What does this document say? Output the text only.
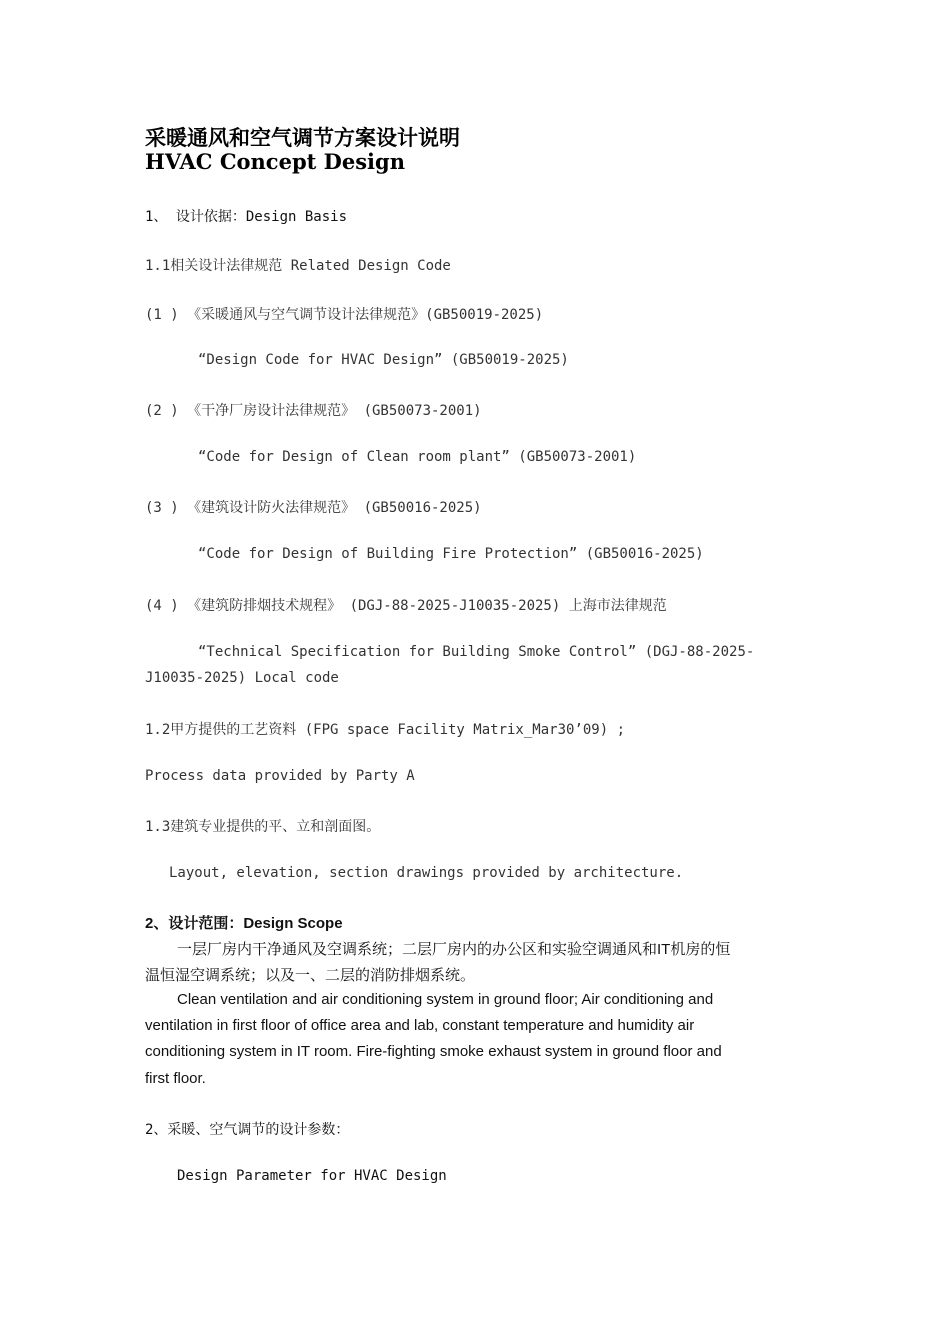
采暖通风和空气调节方案设计说明
HVAC Concept Design
1、 设计依据：Design Basis
1.1相关设计法律规范 Related Design Code
(1 ) 《采暖通风与空气调节设计法律规范》(GB50019-2025)
“Design Code for HVAC Design” (GB50019-2025)
(2 ) 《干净厂房设计法律规范》 (GB50073-2001)
“Code for Design of Clean room plant” (GB50073-2001)
(3 ) 《建筑设计防火法律规范》 (GB50016-2025)
“Code for Design of Building Fire Protection” (GB50016-2025)
(4 ) 《建筑防排烟技术规程》 (DGJ-88-2025-J10035-2025) 上海市法律规范
“Technical Specification for Building Smoke Control” (DGJ-88-2025-
J10035-2025) Local code
1.2甲方提供的工艺资料 (FPG space Facility Matrix_Mar30’09) ;
Process data provided by Party A
1.3建筑专业提供的平、立和剖面图。
Layout, elevation, section drawings provided by architecture.
2、设计范围：Design Scope
一层厂房内干净通风及空调系统；二层厂房内的办公区和实验空调通风和IT机房的恒
温恒湿空调系统；以及一、二层的消防排烟系统。
Clean ventilation and air conditioning system in ground floor; Air conditioning and
ventilation in first floor of office area and lab, constant temperature and humidity air
conditioning system in IT room. Fire-fighting smoke exhaust system in ground floor and
first floor.
2、采暖、空气调节的设计参数：
Design Parameter for HVAC Design
